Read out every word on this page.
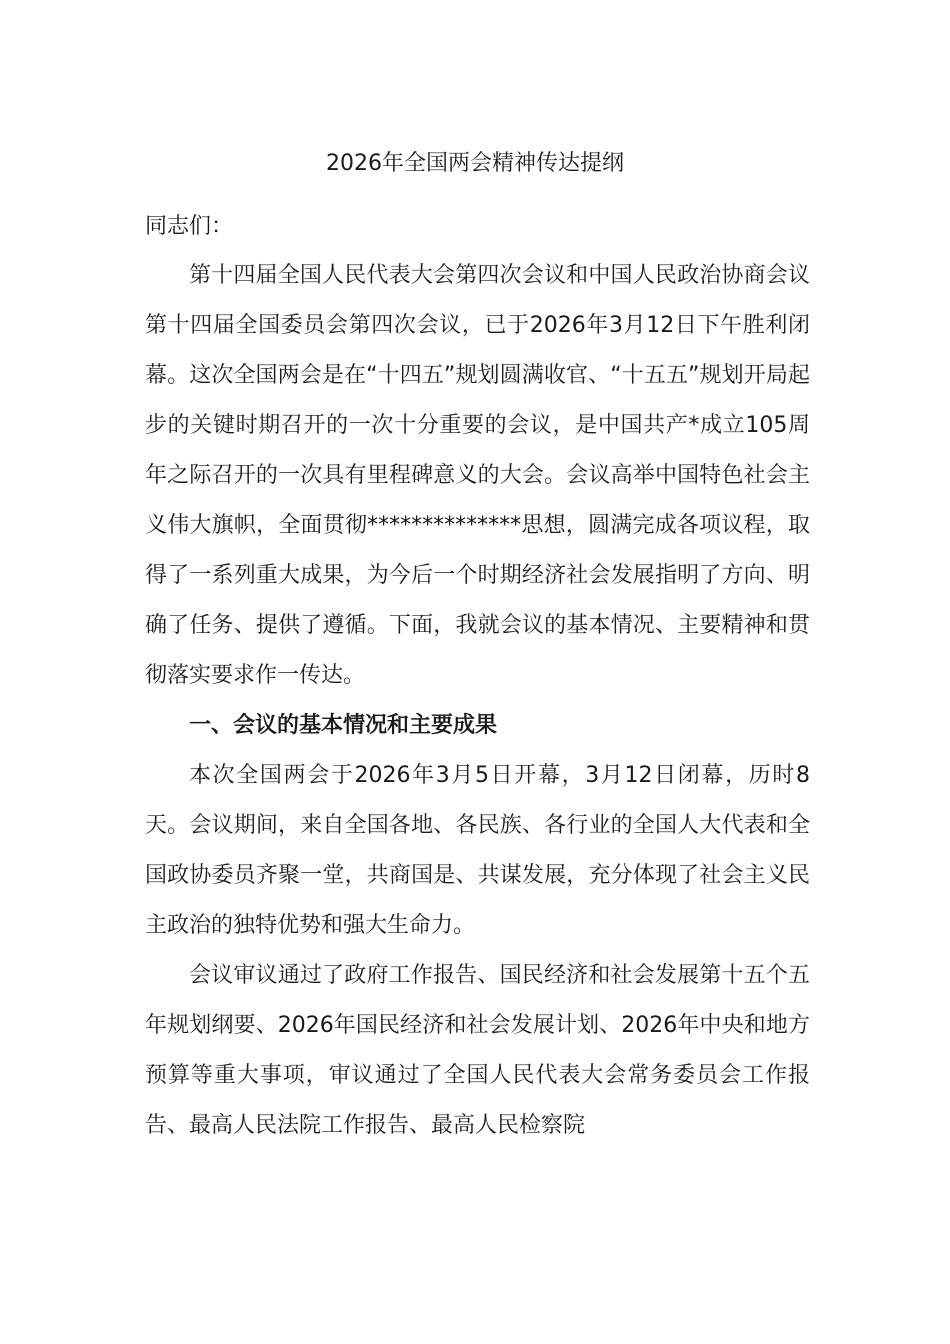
2026年全国两会精神传达提纲

同志们：

第十四届全国人民代表大会第四次会议和中国人民政治协商会议第十四届全国委员会第四次会议，已于2026年3月12日下午胜利闭幕。这次全国两会是在“十四五”规划圆满收官、“十五五”规划开局起步的关键时期召开的一次十分重要的会议，是中国共产*成立105周年之际召开的一次具有里程碑意义的大会。会议高举中国特色社会主义伟大旗帜，全面贯彻**************思想，圆满完成各项议程，取得了一系列重大成果，为今后一个时期经济社会发展指明了方向、明确了任务、提供了遵循。下面，我就会议的基本情况、主要精神和贯彻落实要求作一传达。

一、会议的基本情况和主要成果

本次全国两会于2026年3月5日开幕，3月12日闭幕，历时8天。会议期间，来自全国各地、各民族、各行业的全国人大代表和全国政协委员齐聚一堂，共商国是、共谋发展，充分体现了社会主义民主政治的独特优势和强大生命力。

会议审议通过了政府工作报告、国民经济和社会发展第十五个五年规划纲要、2026年国民经济和社会发展计划、2026年中央和地方预算等重大事项，审议通过了全国人民代表大会常务委员会工作报告、最高人民法院工作报告、最高人民检察院
